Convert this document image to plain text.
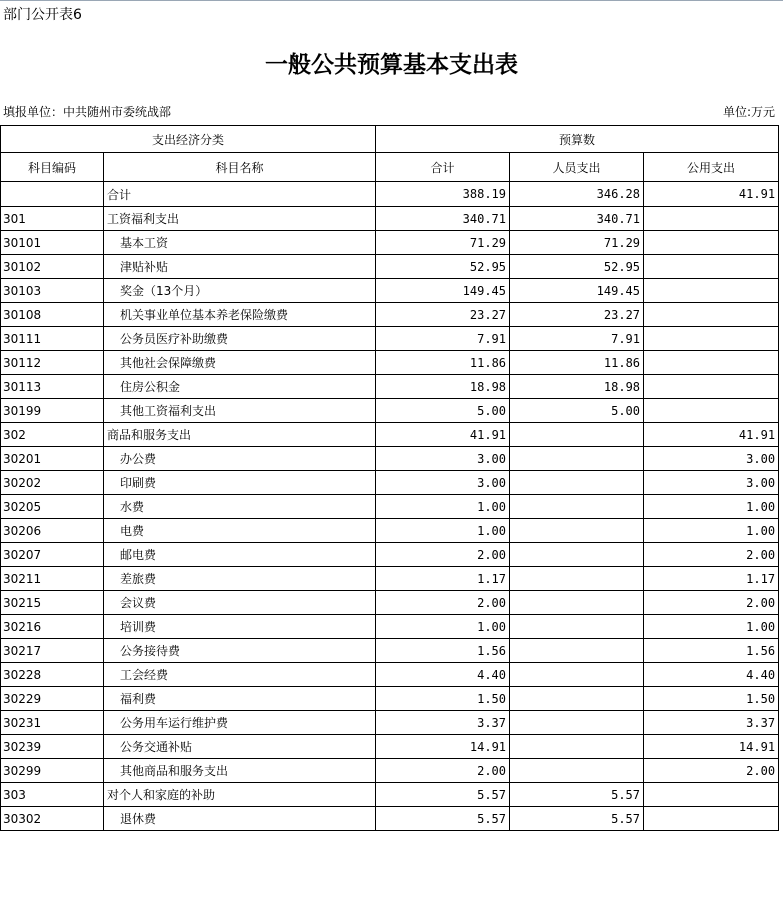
部门公开表6
一般公共预算基本支出表
填报单位：中共随州市委统战部	单位:万元
支出经济分类		预算数		
科目编码	科目名称	合计	人员支出	公用支出
	合计	388.19	346.28	41.91
301	工资福利支出	340.71	340.71	
30101	基本工资	71.29	71.29	
30102	津贴补贴	52.95	52.95	
30103	奖金（13个月）	149.45	149.45	
30108	机关事业单位基本养老保险缴费	23.27	23.27	
30111	公务员医疗补助缴费	7.91	7.91	
30112	其他社会保障缴费	11.86	11.86	
30113	住房公积金	18.98	18.98	
30199	其他工资福利支出	5.00	5.00	
302	商品和服务支出	41.91		41.91
30201	办公费	3.00		3.00
30202	印刷费	3.00		3.00
30205	水费	1.00		1.00
30206	电费	1.00		1.00
30207	邮电费	2.00		2.00
30211	差旅费	1.17		1.17
30215	会议费	2.00		2.00
30216	培训费	1.00		1.00
30217	公务接待费	1.56		1.56
30228	工会经费	4.40		4.40
30229	福利费	1.50		1.50
30231	公务用车运行维护费	3.37		3.37
30239	公务交通补贴	14.91		14.91
30299	其他商品和服务支出	2.00		2.00
303	对个人和家庭的补助	5.57	5.57	
30302	退休费	5.57	5.57	
